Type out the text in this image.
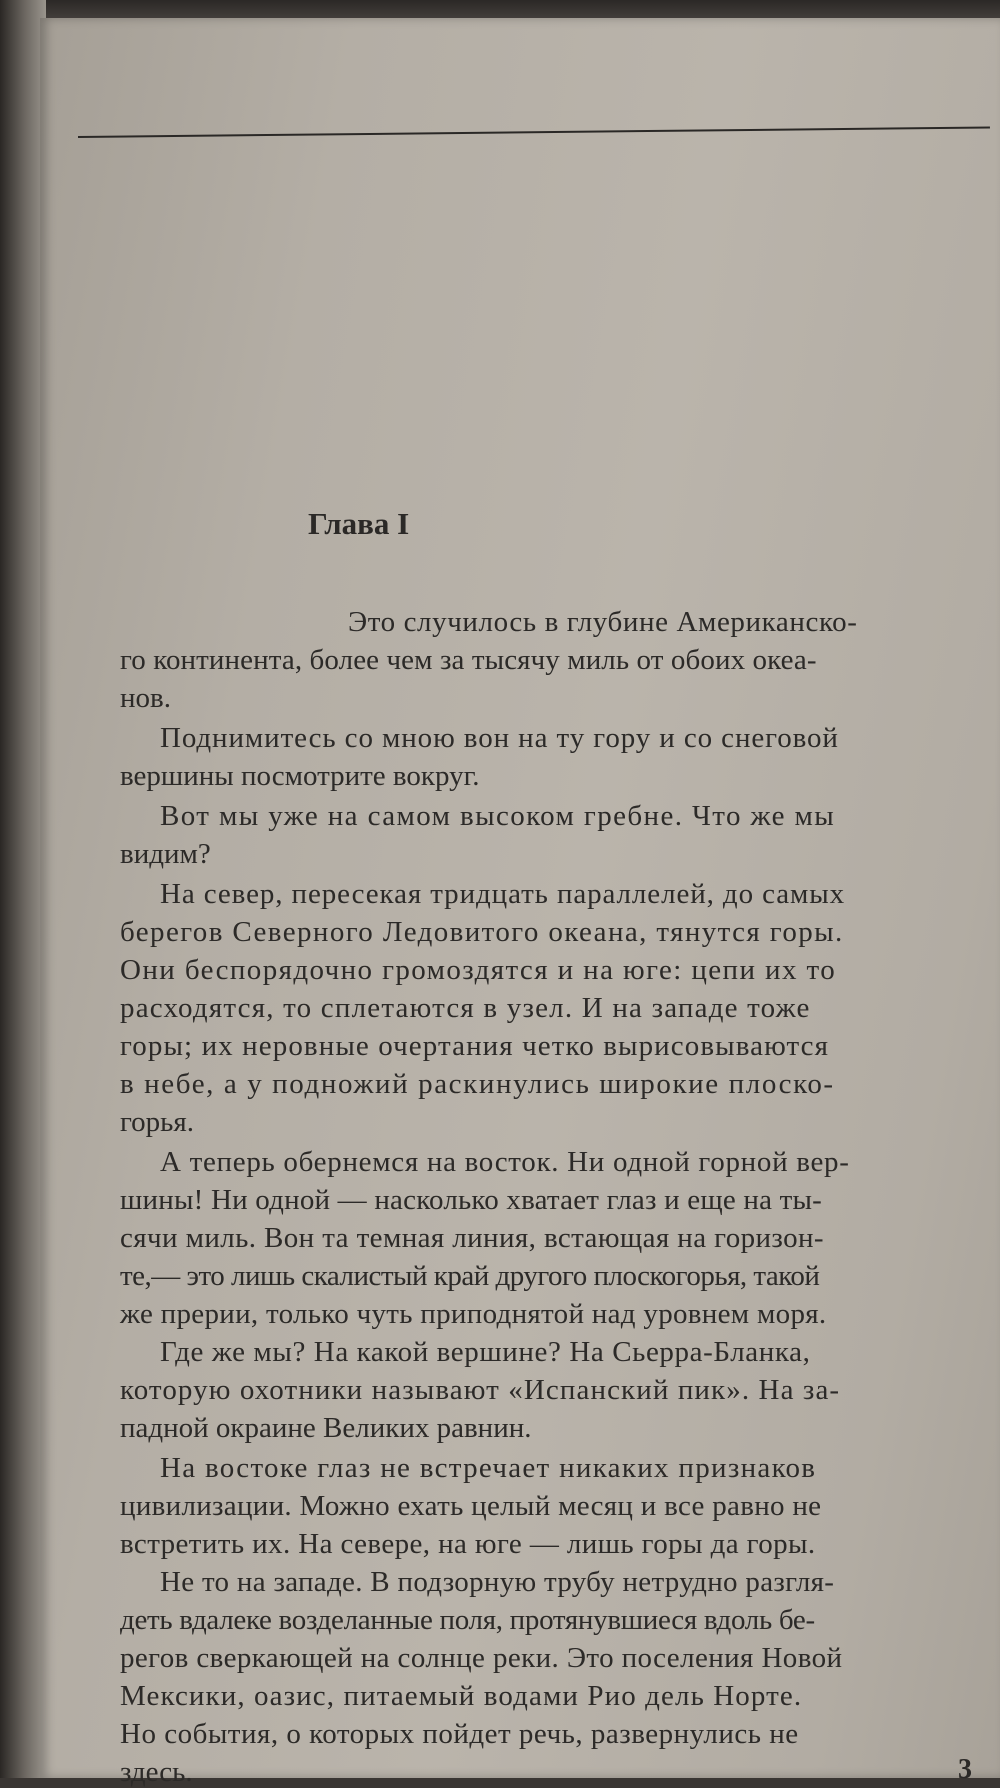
Глава I
Это случилось в глубине Американско-
го континента, более чем за тысячу миль от обоих океа-
нов.
Поднимитесь со мною вон на ту гору и со снеговой
вершины посмотрите вокруг.
Вот мы уже на самом высоком гребне. Что же мы
видим?
На север, пересекая тридцать параллелей, до самых
берегов Северного Ледовитого океана, тянутся горы.
Они беспорядочно громоздятся и на юге: цепи их то
расходятся, то сплетаются в узел. И на западе тоже
горы; их неровные очертания четко вырисовываются
в небе, а у подножий раскинулись широкие плоско-
горья.
А теперь обернемся на восток. Ни одной горной вер-
шины! Ни одной — насколько хватает глаз и еще на ты-
сячи миль. Вон та темная линия, встающая на горизон-
те,— это лишь скалистый край другого плоскогорья, такой
же прерии, только чуть приподнятой над уровнем моря.
Где же мы? На какой вершине? На Сьерра-Бланка,
которую охотники называют «Испанский пик». На за-
падной окраине Великих равнин.
На востоке глаз не встречает никаких признаков
цивилизации. Можно ехать целый месяц и все равно не
встретить их. На севере, на юге — лишь горы да горы.
Не то на западе. В подзорную трубу нетрудно разгля-
деть вдалеке возделанные поля, протянувшиеся вдоль бе-
регов сверкающей на солнце реки. Это поселения Новой
Мексики, оазис, питаемый водами Рио дель Норте.
Но события, о которых пойдет речь, развернулись не
здесь.	3
